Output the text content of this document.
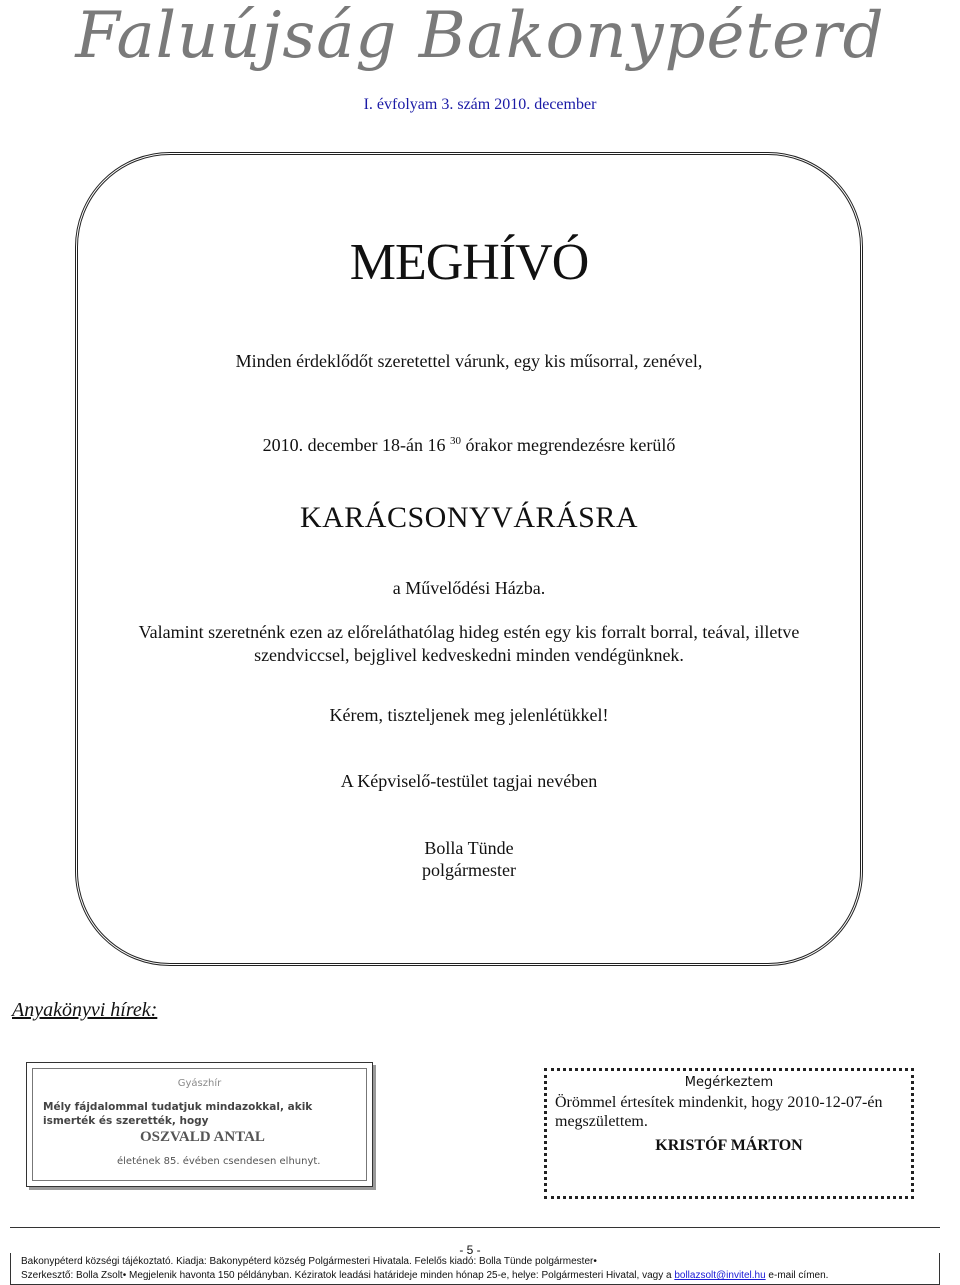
Faluújság Bakonypéterd
I. évfolyam 3. szám 2010. december
MEGHÍVÓ
Minden érdeklődőt szeretettel várunk, egy kis műsorral, zenével,
2010. december 18-án 16 $^{30}$ órakor megrendezésre kerülő
KARÁCSONYVÁRÁSRA
a Művelődési Házba.
Valamint szeretnénk ezen az előreláthatólag hideg estén egy kis forralt borral, teával, illetve
szendviccsel, bejglivel kedveskedni minden vendégünknek.
Kérem, tiszteljenek meg jelenlétükkel!
A Képviselő-testület tagjai nevében
Bolla Tünde
polgármester
Anyakönyvi hírek:
Gyászhír
Mély fájdalommal tudatjuk mindazokkal, akik ismerték és szerették, hogy
OSZVALD ANTAL
életének 85. évében csendesen elhunyt.
Megérkeztem
Örömmel értesítek mindenkit, hogy 2010-12-07-én megszülettem.
KRISTÓF MÁRTON
- 5 -
Bakonypéterd községi tájékoztató. Kiadja: Bakonypéterd község Polgármesteri Hivatala. Felelős kiadó: Bolla Tünde polgármester•
Szerkesztő: Bolla Zsolt• Megjelenik havonta 150 példányban. Kéziratok leadási határideje minden hónap 25-e, helye: Polgármesteri Hivatal, vagy a bollazsolt@invitel.hu e-mail címen.
